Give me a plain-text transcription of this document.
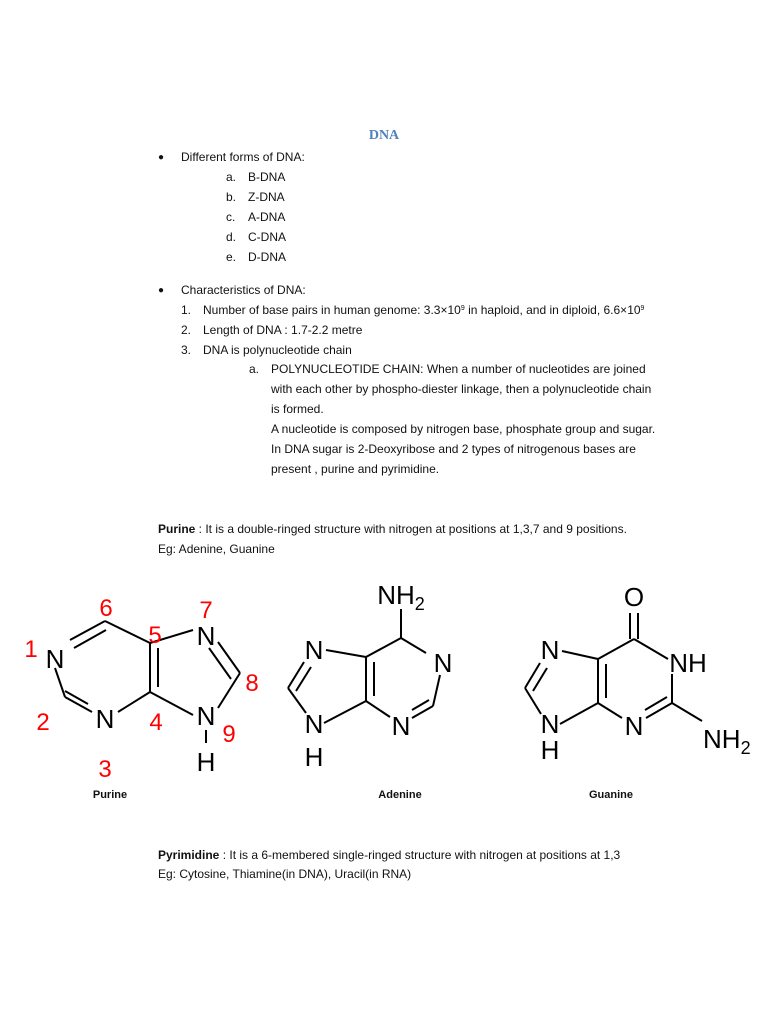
DNA
● Different forms of DNA:
a. B-DNA
b. Z-DNA
c. A-DNA
d. C-DNA
e. D-DNA
● Characteristics of DNA:
1. Number of base pairs in human genome: $3.3\times 10^9$ in haploid, and in diploid, $6.6\times 10^9$
2. Length of DNA : 1.7-2.2 metre
3. DNA is polynucleotide chain
a. POLYNUCLEOTIDE CHAIN: When a number of nucleotides are joined
with each other by phospho-diester linkage, then a polynucleotide chain
is formed.
A nucleotide is composed by nitrogen base, phosphate group and sugar.
In DNA sugar is 2-Deoxyribose and 2 types of nitrogenous bases are
present , purine and pyrimidine.
Purine : It is a double-ringed structure with nitrogen at positions at 1,3,7 and 9 positions.
Eg: Adenine, Guanine
N
N
N
N
H
1
2
3
4
5
6	7
8
9
Purine
$NH_2$
N
N
N
N
H
Adenine
O
NH
N
N
N
H	$NH_2$
Guanine
Pyrimidine : It is a 6-membered single-ringed structure with nitrogen at positions at 1,3
Eg: Cytosine, Thiamine(in DNA), Uracil(in RNA)
